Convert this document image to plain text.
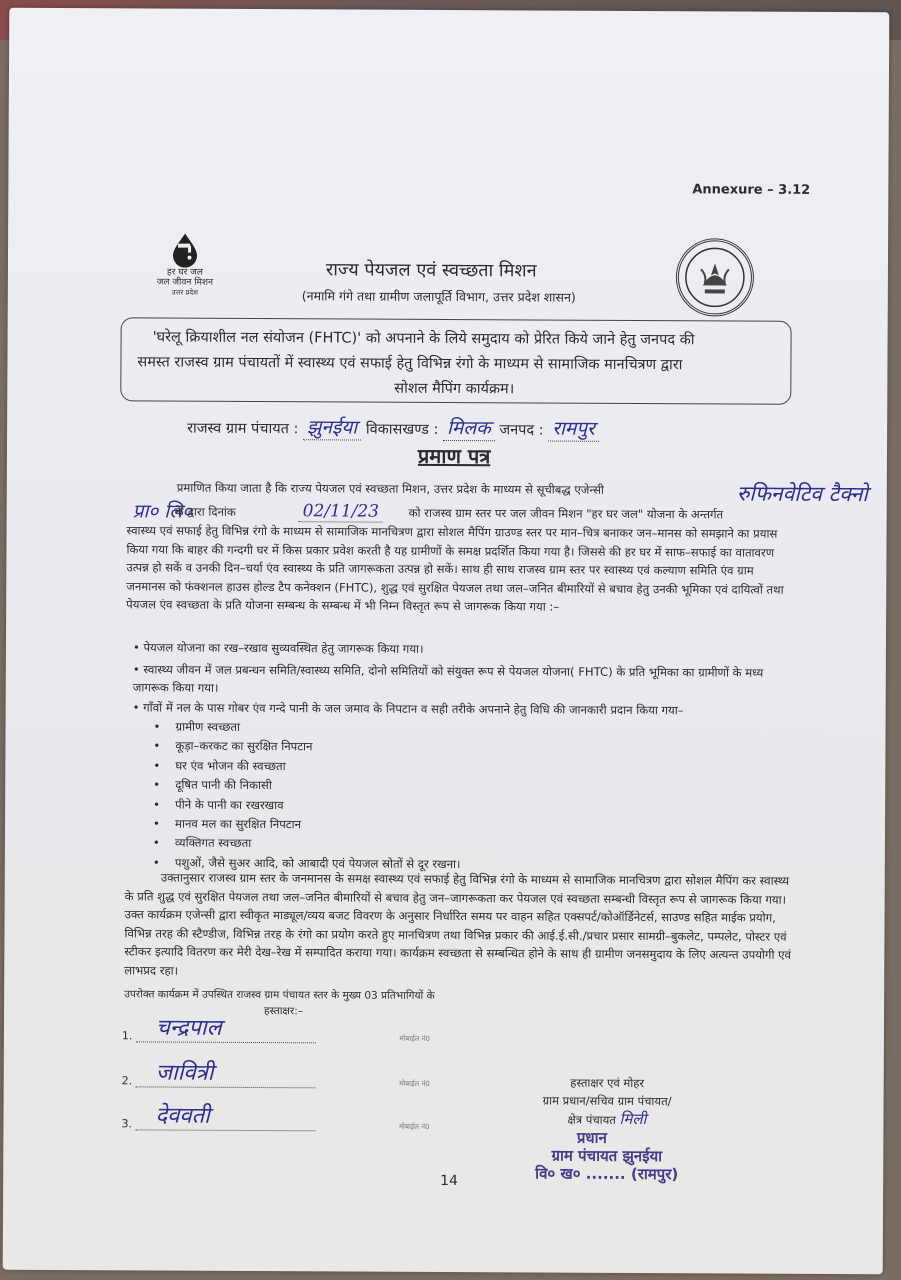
Annexure – 3.12
हर घर जल
जल जीवन मिशन
उत्तर प्रदेश
राज्य पेयजल एवं स्वच्छता मिशन
(नमामि गंगे तथा ग्रामीण जलापूर्ति विभाग, उत्तर प्रदेश शासन)
'घरेलू क्रियाशील नल संयोजन (FHTC)' को अपनाने के लिये समुदाय को प्रेरित किये जाने हेतु जनपद की
समस्त राजस्व ग्राम पंचायतों में स्वास्थ्य एवं सफाई हेतु विभिन्न रंगो के माध्यम से सामाजिक मानचित्रण द्वारा
सोशल मैपिंग कार्यक्रम।
राजस्व ग्राम पंचायत : झुनईया विकासखण्ड : मिलक जनपद : रामपुर
प्रमाण पत्र
प्रमाणित किया जाता है कि राज्य पेयजल एवं स्वच्छता मिशन, उत्तर प्रदेश के माध्यम से सूचीबद्ध एजेन्सी	रुफिनवेटिव टैक्नो
प्रा० लि०
के द्वारा दिनांक	02/11/23	को राजस्व ग्राम स्तर पर जल जीवन मिशन "हर घर जल" योजना के अन्तर्गत
स्वास्थ्य एवं सफाई हेतु विभिन्न रंगो के माध्यम से सामाजिक मानचित्रण द्वारा सोशल मैपिंग ग्राउण्ड स्तर पर मान–चित्र बनाकर जन–मानस को समझाने का प्रयास किया गया कि बाहर की गन्दगी घर में किस प्रकार प्रवेश करती है यह ग्रामीणों के समक्ष प्रदर्शित किया गया है। जिससे की हर घर में साफ–सफाई का वातावरण उत्पन्न हो सकें व उनकी दिन–चर्या एंव स्वास्थ्य के प्रति जागरूकता उत्पन्न हो सकें। साथ ही साथ राजस्व ग्राम स्तर पर स्वास्थ्य एवं कल्याण समिति एंव ग्राम जनमानस को फंक्शनल हाउस होल्ड टैप कनेक्शन (FHTC), शुद्ध एवं सुरक्षित पेयजल तथा जल–जनित बीमारियों से बचाव हेतु उनकी भूमिका एवं दायित्वों तथा पेयजल एंव स्वच्छता के प्रति योजना सम्बन्ध के सम्बन्ध में भी निम्न विस्तृत रूप से जागरूक किया गया :–
• पेयजल योजना का रख–रखाव सुव्यवस्थित हेतु जागरूक किया गया।
• स्वास्थ्य जीवन में जल प्रबन्धन समिति/स्वास्थ्य समिति, दोनो समितियों को संयुक्त रूप से पेयजल योजना( FHTC) के प्रति भूमिका का ग्रामीणों के मध्य जागरूक किया गया।
• गाँवों में नल के पास गोबर एंव गन्दे पानी के जल जमाव के निपटान व सही तरीके अपनाने हेतु विधि की जानकारी प्रदान किया गया–
• ग्रामीण स्वच्छता
• कूड़ा–करकट का सुरक्षित निपटान
• घर एंव भोजन की स्वच्छता
• दूषित पानी की निकासी
• पीने के पानी का रखरखाव
• मानव मल का सुरक्षित निपटान
• व्यक्तिगत स्वच्छता
• पशुओं, जैसे सुअर आदि, को आबादी एवं पेयजल स्रोतों से दूर रखना।
उक्तानुसार राजस्व ग्राम स्तर के जनमानस के समक्ष स्वास्थ्य एवं सफाई हेतु विभिन्न रंगो के माध्यम से सामाजिक मानचित्रण द्वारा सोशल मैपिंग कर स्वास्थ्य के प्रति शुद्ध एवं सुरक्षित पेयजल तथा जल–जनित बीमारियों से बचाव हेतु जन–जागरूकता कर पेयजल एवं स्वच्छता सम्बन्धी विस्तृत रूप से जागरूक किया गया। उक्त कार्यक्रम एजेन्सी द्वारा स्वीकृत माड्यूल/व्यय बजट विवरण के अनुसार निर्धारित समय पर वाहन सहित एक्सपर्ट/कोऑर्डिनेटर्स, साउण्ड सहित माईक प्रयोग, विभिन्न तरह की स्टैण्डीज, विभिन्न तरह के रंगो का प्रयोग करते हुए मानचित्रण तथा विभिन्न प्रकार की आई.ई.सी./प्रचार प्रसार सामग्री–बुकलेट, पम्पलेट, पोस्टर एवं स्टीकर इत्यादि वितरण कर मेरी देख–रेख में सम्पादित कराया गया। कार्यक्रम स्वच्छता से सम्बन्धित होने के साथ ही ग्रामीण जनसमुदाय के लिए अत्यन्त उपयोगी एवं लाभप्रद रहा।
उपरोक्त कार्यक्रम में उपस्थित राजस्व ग्राम पंचायत स्तर के मुख्य 03 प्रतिभागियों के
हस्ताक्षर:–
1. चन्द्रपाल	मोबाईल नं0
2. जावित्री	मोबाईल नं0
3. देववती	मोबाईल नं0
हस्ताक्षर एवं मोहर
ग्राम प्रधान/सचिव ग्राम पंचायत/
क्षेत्र पंचायत मिली
प्रधान
ग्राम पंचायत झुनईया
वि० ख० ....... (रामपुर)
14
